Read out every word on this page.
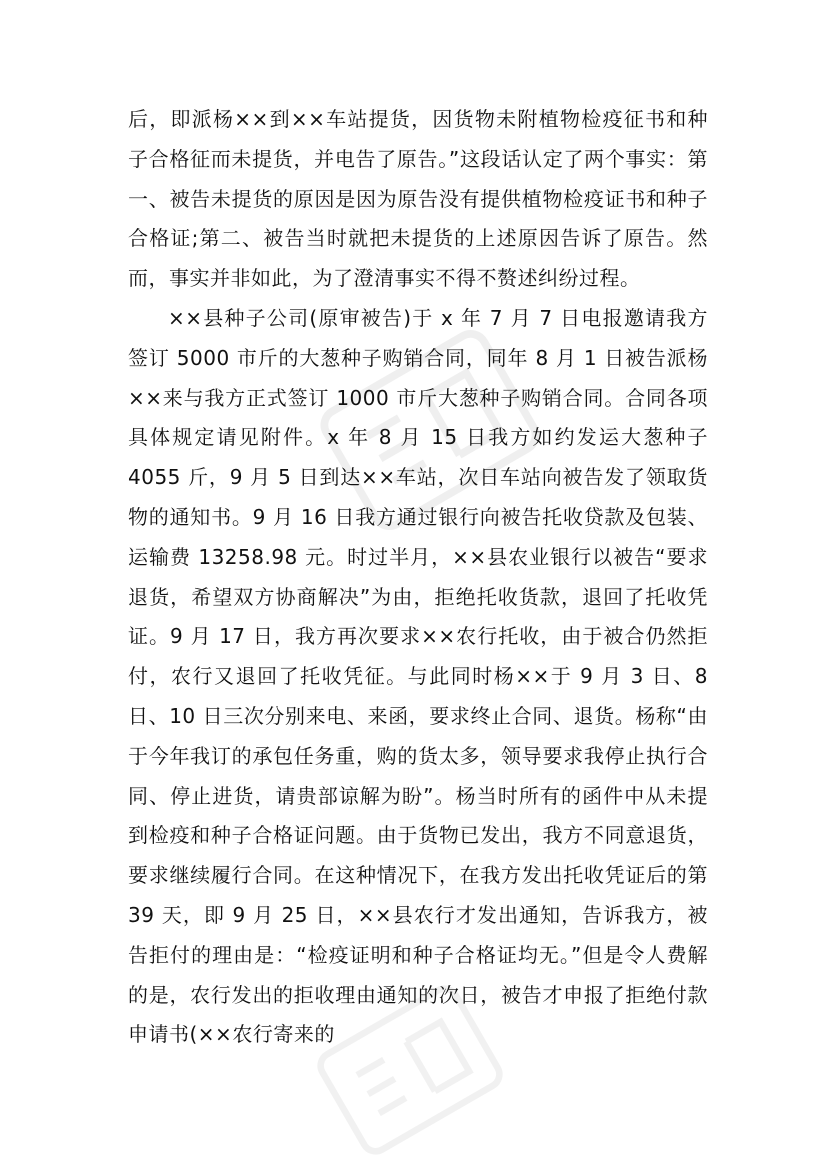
后，即派杨××到××车站提货，因货物未附植物检疫征书和种子合格征而未提货，并电告了原告。”这段话认定了两个事实：第一、被告未提货的原因是因为原告没有提供植物检疫证书和种子合格证;第二、被告当时就把未提货的上述原因告诉了原告。然而，事实并非如此，为了澄清事实不得不赘述纠纷过程。

××县种子公司(原审被告)于 x 年 7 月 7 日电报邀请我方签订 5000 市斤的大葱种子购销合同，同年 8 月 1 日被告派杨××来与我方正式签订 1000 市斤大葱种子购销合同。合同各项具体规定请见附件。x 年 8 月 15 日我方如约发运大葱种子 4055 斤，9 月 5 日到达××车站，次日车站向被告发了领取货物的通知书。9 月 16 日我方通过银行向被告托收贷款及包装、运输费 13258.98 元。时过半月，××县农业银行以被告“要求退货，希望双方协商解决”为由，拒绝托收货款，退回了托收凭证。9 月 17 日，我方再次要求××农行托收，由于被合仍然拒付，农行又退回了托收凭征。与此同时杨××于 9 月 3 日、8 日、10 日三次分别来电、来函，要求终止合同、退货。杨称“由于今年我订的承包任务重，购的货太多，领导要求我停止执行合同、停止进货，请贵部谅解为盼”。杨当时所有的函件中从未提到检疫和种子合格证问题。由于货物已发出，我方不同意退货，要求继续履行合同。在这种情况下，在我方发出托收凭证后的第 39 天，即 9 月 25 日，××县农行才发出通知，告诉我方，被告拒付的理由是：“检疫证明和种子合格证均无。”但是令人费解的是，农行发出的拒收理由通知的次日，被告才申报了拒绝付款申请书(××农行寄来的
